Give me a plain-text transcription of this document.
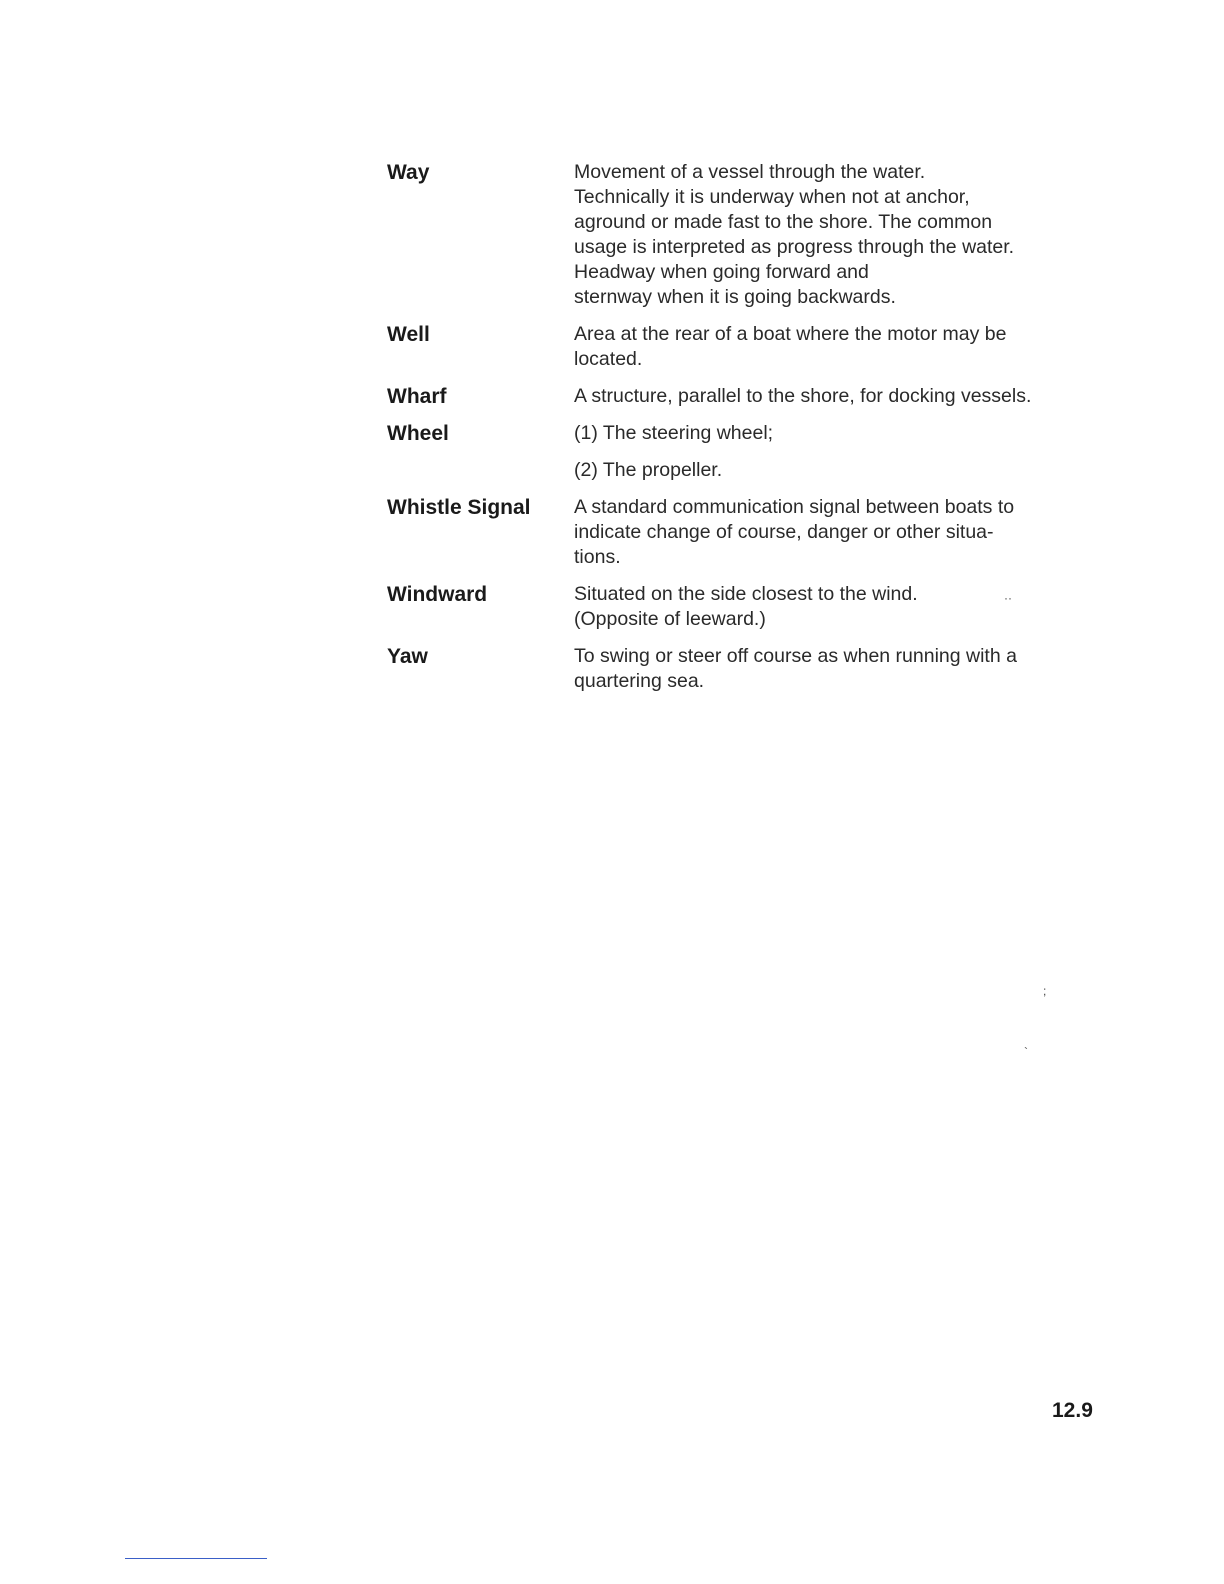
Way	Movement of a vessel through the water.
Technically it is underway when not at anchor,
aground or made fast to the shore. The common
usage is interpreted as progress through the water.
Headway when going forward and
sternway when it is going backwards.

Well	Area at the rear of a boat where the motor may be
located.

Wharf	A structure, parallel to the shore, for docking vessels.

Wheel	(1) The steering wheel;

(2) The propeller.

Whistle Signal	A standard communication signal between boats to
indicate change of course, danger or other situa-
tions.

Windward	Situated on the side closest to the wind.
(Opposite of leeward.)

Yaw	To swing or steer off course as when running with a
quartering sea.

··
;
`
12.9
